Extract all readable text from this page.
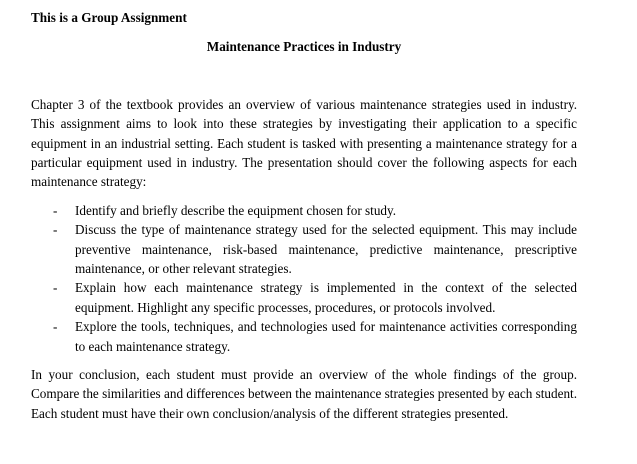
This is a Group Assignment

Maintenance Practices in Industry

Chapter 3 of the textbook provides an overview of various maintenance strategies used in industry. This assignment aims to look into these strategies by investigating their application to a specific equipment in an industrial setting. Each student is tasked with presenting a maintenance strategy for a particular equipment used in industry. The presentation should cover the following aspects for each maintenance strategy:

- Identify and briefly describe the equipment chosen for study.
- Discuss the type of maintenance strategy used for the selected equipment. This may include preventive maintenance, risk-based maintenance, predictive maintenance, prescriptive maintenance, or other relevant strategies.
- Explain how each maintenance strategy is implemented in the context of the selected equipment. Highlight any specific processes, procedures, or protocols involved.
- Explore the tools, techniques, and technologies used for maintenance activities corresponding to each maintenance strategy.

In your conclusion, each student must provide an overview of the whole findings of the group. Compare the similarities and differences between the maintenance strategies presented by each student. Each student must have their own conclusion/analysis of the different strategies presented.
